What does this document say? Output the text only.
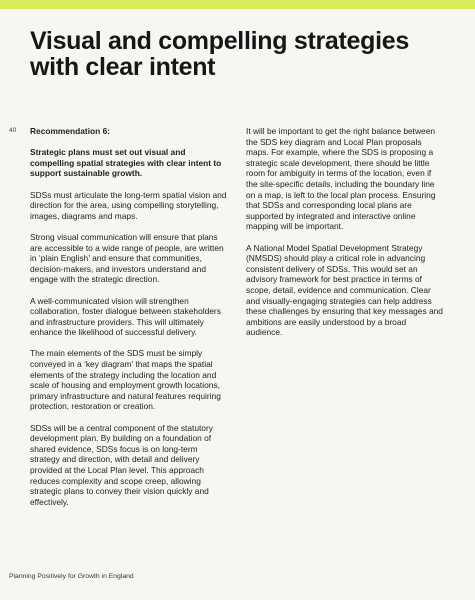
Visual and compelling strategies with clear intent
40 Recommendation 6:

Strategic plans must set out visual and compelling spatial strategies with clear intent to support sustainable growth.

SDSs must articulate the long-term spatial vision and direction for the area, using compelling storytelling, images, diagrams and maps.

Strong visual communication will ensure that plans are accessible to a wide range of people, are written in ‘plain English’ and ensure that communities, decision-makers, and investors understand and engage with the strategic direction.

A well-communicated vision will strengthen collaboration, foster dialogue between stakeholders and infrastructure providers. This will ultimately enhance the likelihood of successful delivery.

The main elements of the SDS must be simply conveyed in a ‘key diagram’ that maps the spatial elements of the strategy including the location and scale of housing and employment growth locations, primary infrastructure and natural features requiring protection, restoration or creation.

SDSs will be a central component of the statutory development plan. By building on a foundation of shared evidence, SDSs focus is on long-term strategy and direction, with detail and delivery provided at the Local Plan level. This approach reduces complexity and scope creep, allowing strategic plans to convey their vision quickly and effectively.

It will be important to get the right balance between the SDS key diagram and Local Plan proposals maps. For example, where the SDS is proposing a strategic scale development, there should be little room for ambiguity in terms of the location, even if the site-specific details, including the boundary line on a map, is left to the local plan process. Ensuring that SDSs and corresponding local plans are supported by integrated and interactive online mapping will be important.

A National Model Spatial Development Strategy (NMSDS) should play a critical role in advancing consistent delivery of SDSs. This would set an advisory framework for best practice in terms of scope, detail, evidence and communication. Clear and visually-engaging strategies can help address these challenges by ensuring that key messages and ambitions are easily understood by a broad audience.

Planning Positively for Growth in England
